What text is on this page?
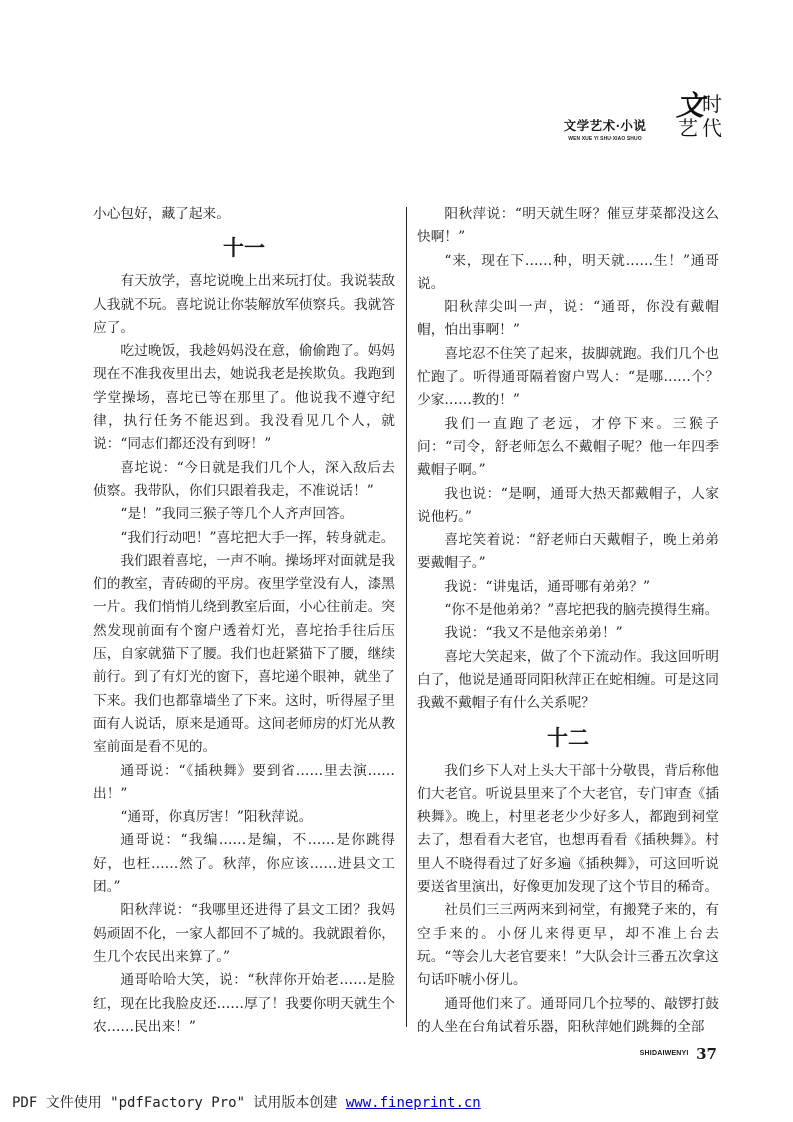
文学艺术·小说
WEN XUE YI SHU·XIAO SHUO
文
时
艺 代

小心包好，藏了起来。

十一

有天放学，喜坨说晚上出来玩打仗。我说装敌人我就不玩。喜坨说让你装解放军侦察兵。我就答应了。

吃过晚饭，我趁妈妈没在意，偷偷跑了。妈妈现在不准我夜里出去，她说我老是挨欺负。我跑到学堂操场，喜坨已等在那里了。他说我不遵守纪律，执行任务不能迟到。我没看见几个人，就说：“同志们都还没有到呀！”

喜坨说：“今日就是我们几个人，深入敌后去侦察。我带队，你们只跟着我走，不准说话！”

“是！”我同三猴子等几个人齐声回答。

“我们行动吧！”喜坨把大手一挥，转身就走。

我们跟着喜坨，一声不响。操场坪对面就是我们的教室，青砖砌的平房。夜里学堂没有人，漆黑一片。我们悄悄儿绕到教室后面，小心往前走。突然发现前面有个窗户透着灯光，喜坨抬手往后压压，自家就猫下了腰。我们也赶紧猫下了腰，继续前行。到了有灯光的窗下，喜坨递个眼神，就坐了下来。我们也都靠墙坐了下来。这时，听得屋子里面有人说话，原来是通哥。这间老师房的灯光从教室前面是看不见的。

通哥说：“《插秧舞》要到省……里去演……出！”

“通哥，你真厉害！”阳秋萍说。

通哥说：“我编……是编，不……是你跳得好，也枉……然了。秋萍，你应该……进县文工团。”

阳秋萍说：“我哪里还进得了县文工团？我妈妈顽固不化，一家人都回不了城的。我就跟着你，生几个农民出来算了。”

通哥哈哈大笑，说：“秋萍你开始老……是脸红，现在比我脸皮还……厚了！我要你明天就生个农……民出来！”

阳秋萍说：“明天就生呀？催豆芽菜都没这么快啊！”

“来，现在下……种，明天就……生！”通哥说。

阳秋萍尖叫一声，说：“通哥，你没有戴帽帽，怕出事啊！”

喜坨忍不住笑了起来，拔脚就跑。我们几个也忙跑了。听得通哥隔着窗户骂人：“是哪……个？少家……教的！”

我们一直跑了老远，才停下来。三猴子问：“司令，舒老师怎么不戴帽子呢？他一年四季戴帽子啊。”

我也说：“是啊，通哥大热天都戴帽子，人家说他朽。”

喜坨笑着说：“舒老师白天戴帽子，晚上弟弟要戴帽子。”

我说：“讲鬼话，通哥哪有弟弟？”

“你不是他弟弟？”喜坨把我的脑壳摸得生痛。

我说：“我又不是他亲弟弟！”

喜坨大笑起来，做了个下流动作。我这回听明白了，他说是通哥同阳秋萍正在蛇相缠。可是这同我戴不戴帽子有什么关系呢？

十二

我们乡下人对上头大干部十分敬畏，背后称他们大老官。听说县里来了个大老官，专门审查《插秧舞》。晚上，村里老老少少好多人，都跑到祠堂去了，想看看大老官，也想再看看《插秧舞》。村里人不晓得看过了好多遍《插秧舞》，可这回听说要送省里演出，好像更加发现了这个节目的稀奇。

社员们三三两两来到祠堂，有搬凳子来的，有空手来的。小伢儿来得更早，却不准上台去玩。“等会儿大老官要来！”大队会计三番五次拿这句话吓唬小伢儿。

通哥他们来了。通哥同几个拉琴的、敲锣打鼓的人坐在台角试着乐器，阳秋萍她们跳舞的全部

SHIDAIWENYI 37
PDF 文件使用 "pdfFactory Pro" 试用版本创建 www.fineprint.cn
